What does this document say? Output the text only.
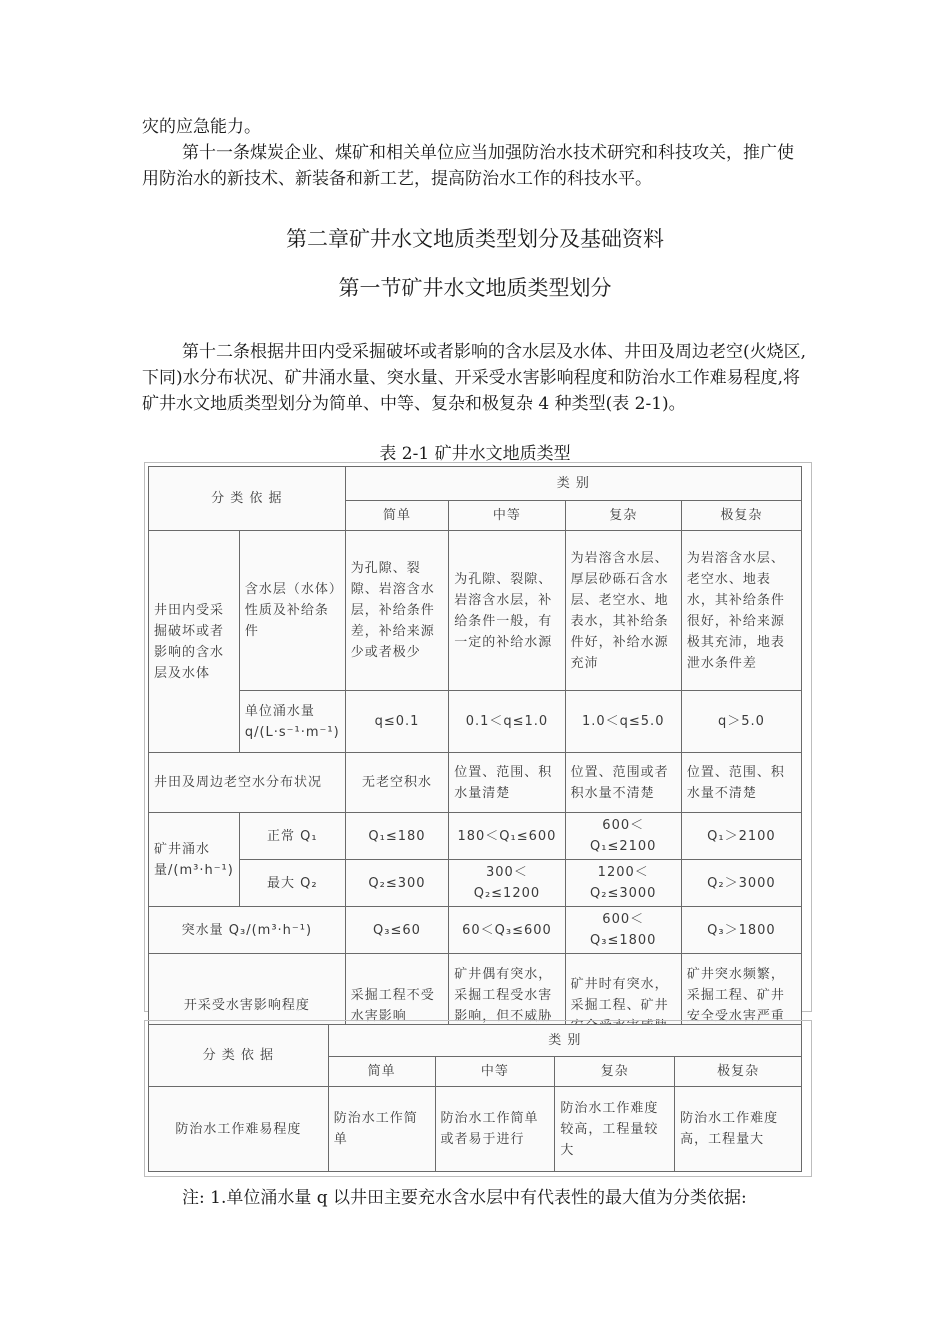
灾的应急能力。

第十一条煤炭企业、煤矿和相关单位应当加强防治水技术研究和科技攻关，推广使用防治水的新技术、新装备和新工艺，提高防治水工作的科技水平。

第二章矿井水文地质类型划分及基础资料
第一节矿井水文地质类型划分

第十二条根据井田内受采掘破坏或者影响的含水层及水体、井田及周边老空(火烧区,下同)水分布状况、矿井涌水量、突水量、开采受水害影响程度和防治水工作难易程度,将矿井水文地质类型划分为简单、中等、复杂和极复杂 4 种类型(表 2-1)。

表 2-1 矿井水文地质类型
分 类 依 据		类 别			
		简单	中等	复杂	极复杂
井田内受采掘破坏或者影响的含水层及水体	含水层（水体）性质及补给条件	为孔隙、裂隙、岩溶含水层，补给条件差，补给来源少或者极少	为孔隙、裂隙、岩溶含水层，补给条件一般，有一定的补给水源	为岩溶含水层、厚层砂砾石含水层、老空水、地表水，其补给条件好，补给水源充沛	为岩溶含水层、老空水、地表水，其补给条件很好，补给来源极其充沛，地表泄水条件差
	单位涌水量 q/(L·s⁻¹·m⁻¹)	q≤0.1	0.1＜q≤1.0	1.0＜q≤5.0	q＞5.0
井田及周边老空水分布状况		无老空积水	位置、范围、积水量清楚	位置、范围或者积水量不清楚	位置、范围、积水量不清楚
矿井涌水量/(m³·h⁻¹)	正常 Q₁	Q₁≤180	180＜Q₁≤600	600＜Q₁≤2100	Q₁＞2100
	最大 Q₂	Q₂≤300	300＜Q₂≤1200	1200＜Q₂≤3000	Q₂＞3000
突水量 Q₃/(m³·h⁻¹)		Q₃≤60	60＜Q₃≤600	600＜Q₃≤1800	Q₃＞1800
开采受水害影响程度		采掘工程不受水害影响	矿井偶有突水，采掘工程受水害影响，但不威胁	矿井时有突水，采掘工程、矿井	矿井突水频繁，采掘工程、矿井安全受水害严重
分 类 依 据	类 别			
	简单	中等	复杂	极复杂
防治水工作难易程度	防治水工作简单	防治水工作简单或者易于进行	防治水工作难度较高，工程量较大	防治水工作难度高，工程量大

注: 1.单位涌水量 q 以井田主要充水含水层中有代表性的最大值为分类依据:
